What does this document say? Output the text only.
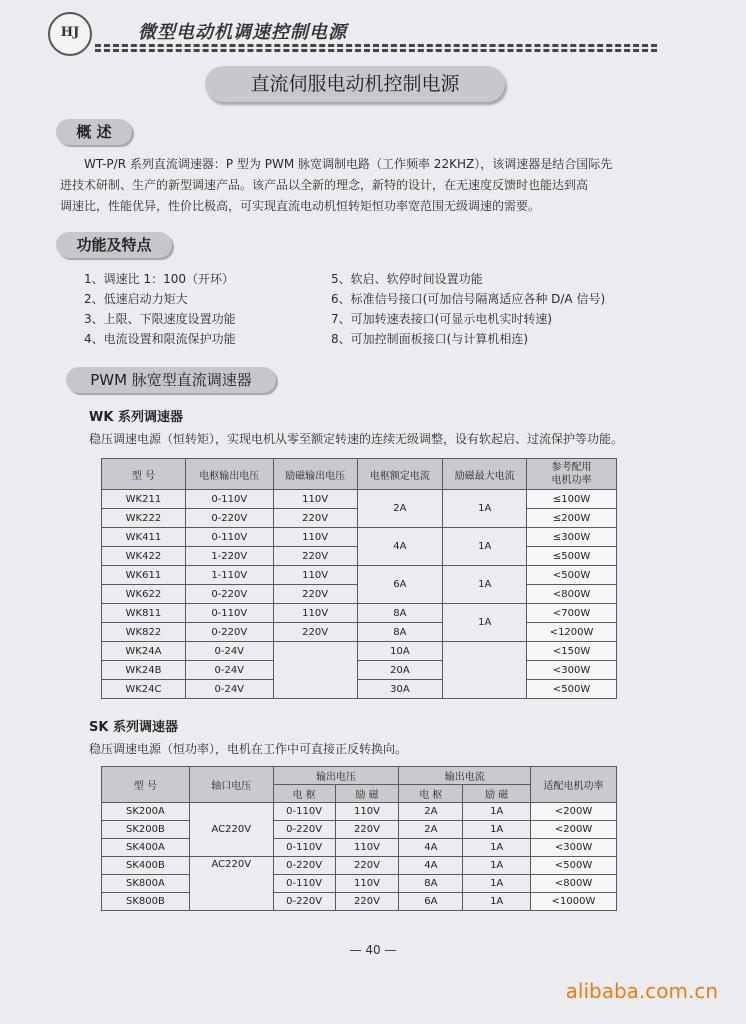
HJ	微型电动机调速控制电源
直流伺服电动机控制电源
概 述
WT-P/R 系列直流调速器：P 型为 PWM 脉宽调制电路（工作频率 22KHZ），该调速器是结合国际先
进技术研制、生产的新型调速产品。该产品以全新的理念，新特的设计，在无速度反馈时也能达到高
调速比，性能优异，性价比极高，可实现直流电动机恒转矩恒功率宽范围无级调速的需要。
功能及特点
1、调速比 1：100（开环）
2、低速启动力矩大
3、上限、下限速度设置功能
4、电流设置和限流保护功能
5、软启、软停时间设置功能
6、标准信号接口(可加信号隔离适应各种 D/A 信号)
7、可加转速表接口(可显示电机实时转速)
8、可加控制面板接口(与计算机相连)
PWM 脉宽型直流调速器
WK 系列调速器
稳压调速电源（恒转矩），实现电机从零至额定转速的连续无级调整，设有软起启、过流保护等功能。
型 号	电枢输出电压	励磁输出电压	电枢额定电流	励磁最大电流	参考配用
电机功率

WK211	0-110V	110V	2A	1A	≤100W
WK222	0-220V	220V			≤200W
WK411	0-110V	110V	4A	1A	≤300W
WK422	1-220V	220V			≤500W
WK611	1-110V	110V	6A	1A	<500W
WK622	0-220V	220V			<800W
WK811	0-110V	110V	8A	1A	<700W
WK822	0-220V	220V	8A		<1200W
WK24A	0-24V		10A		<150W
WK24B	0-24V		20A		<300W
WK24C	0-24V		30A		<500W
SK 系列调速器
稳压调速电源（恒功率），电机在工作中可直接正反转换向。
型 号	轴口电压	输出电压		输出电流		适配电机功率
		电 枢	励 磁	电 枢	励 磁	
SK200A	AC220V	0-110V	110V	2A	1A	<200W
SK200B		0-220V	220V	2A	1A	<200W
SK400A		0-110V	110V	4A	1A	<300W
SK400B	AC220V	0-220V	220V	4A	1A	<500W
SK800A		0-110V	110V	8A	1A	<800W
SK800B		0-220V	220V	6A	1A	<1000W
— 40 —
alibaba.com.cn
